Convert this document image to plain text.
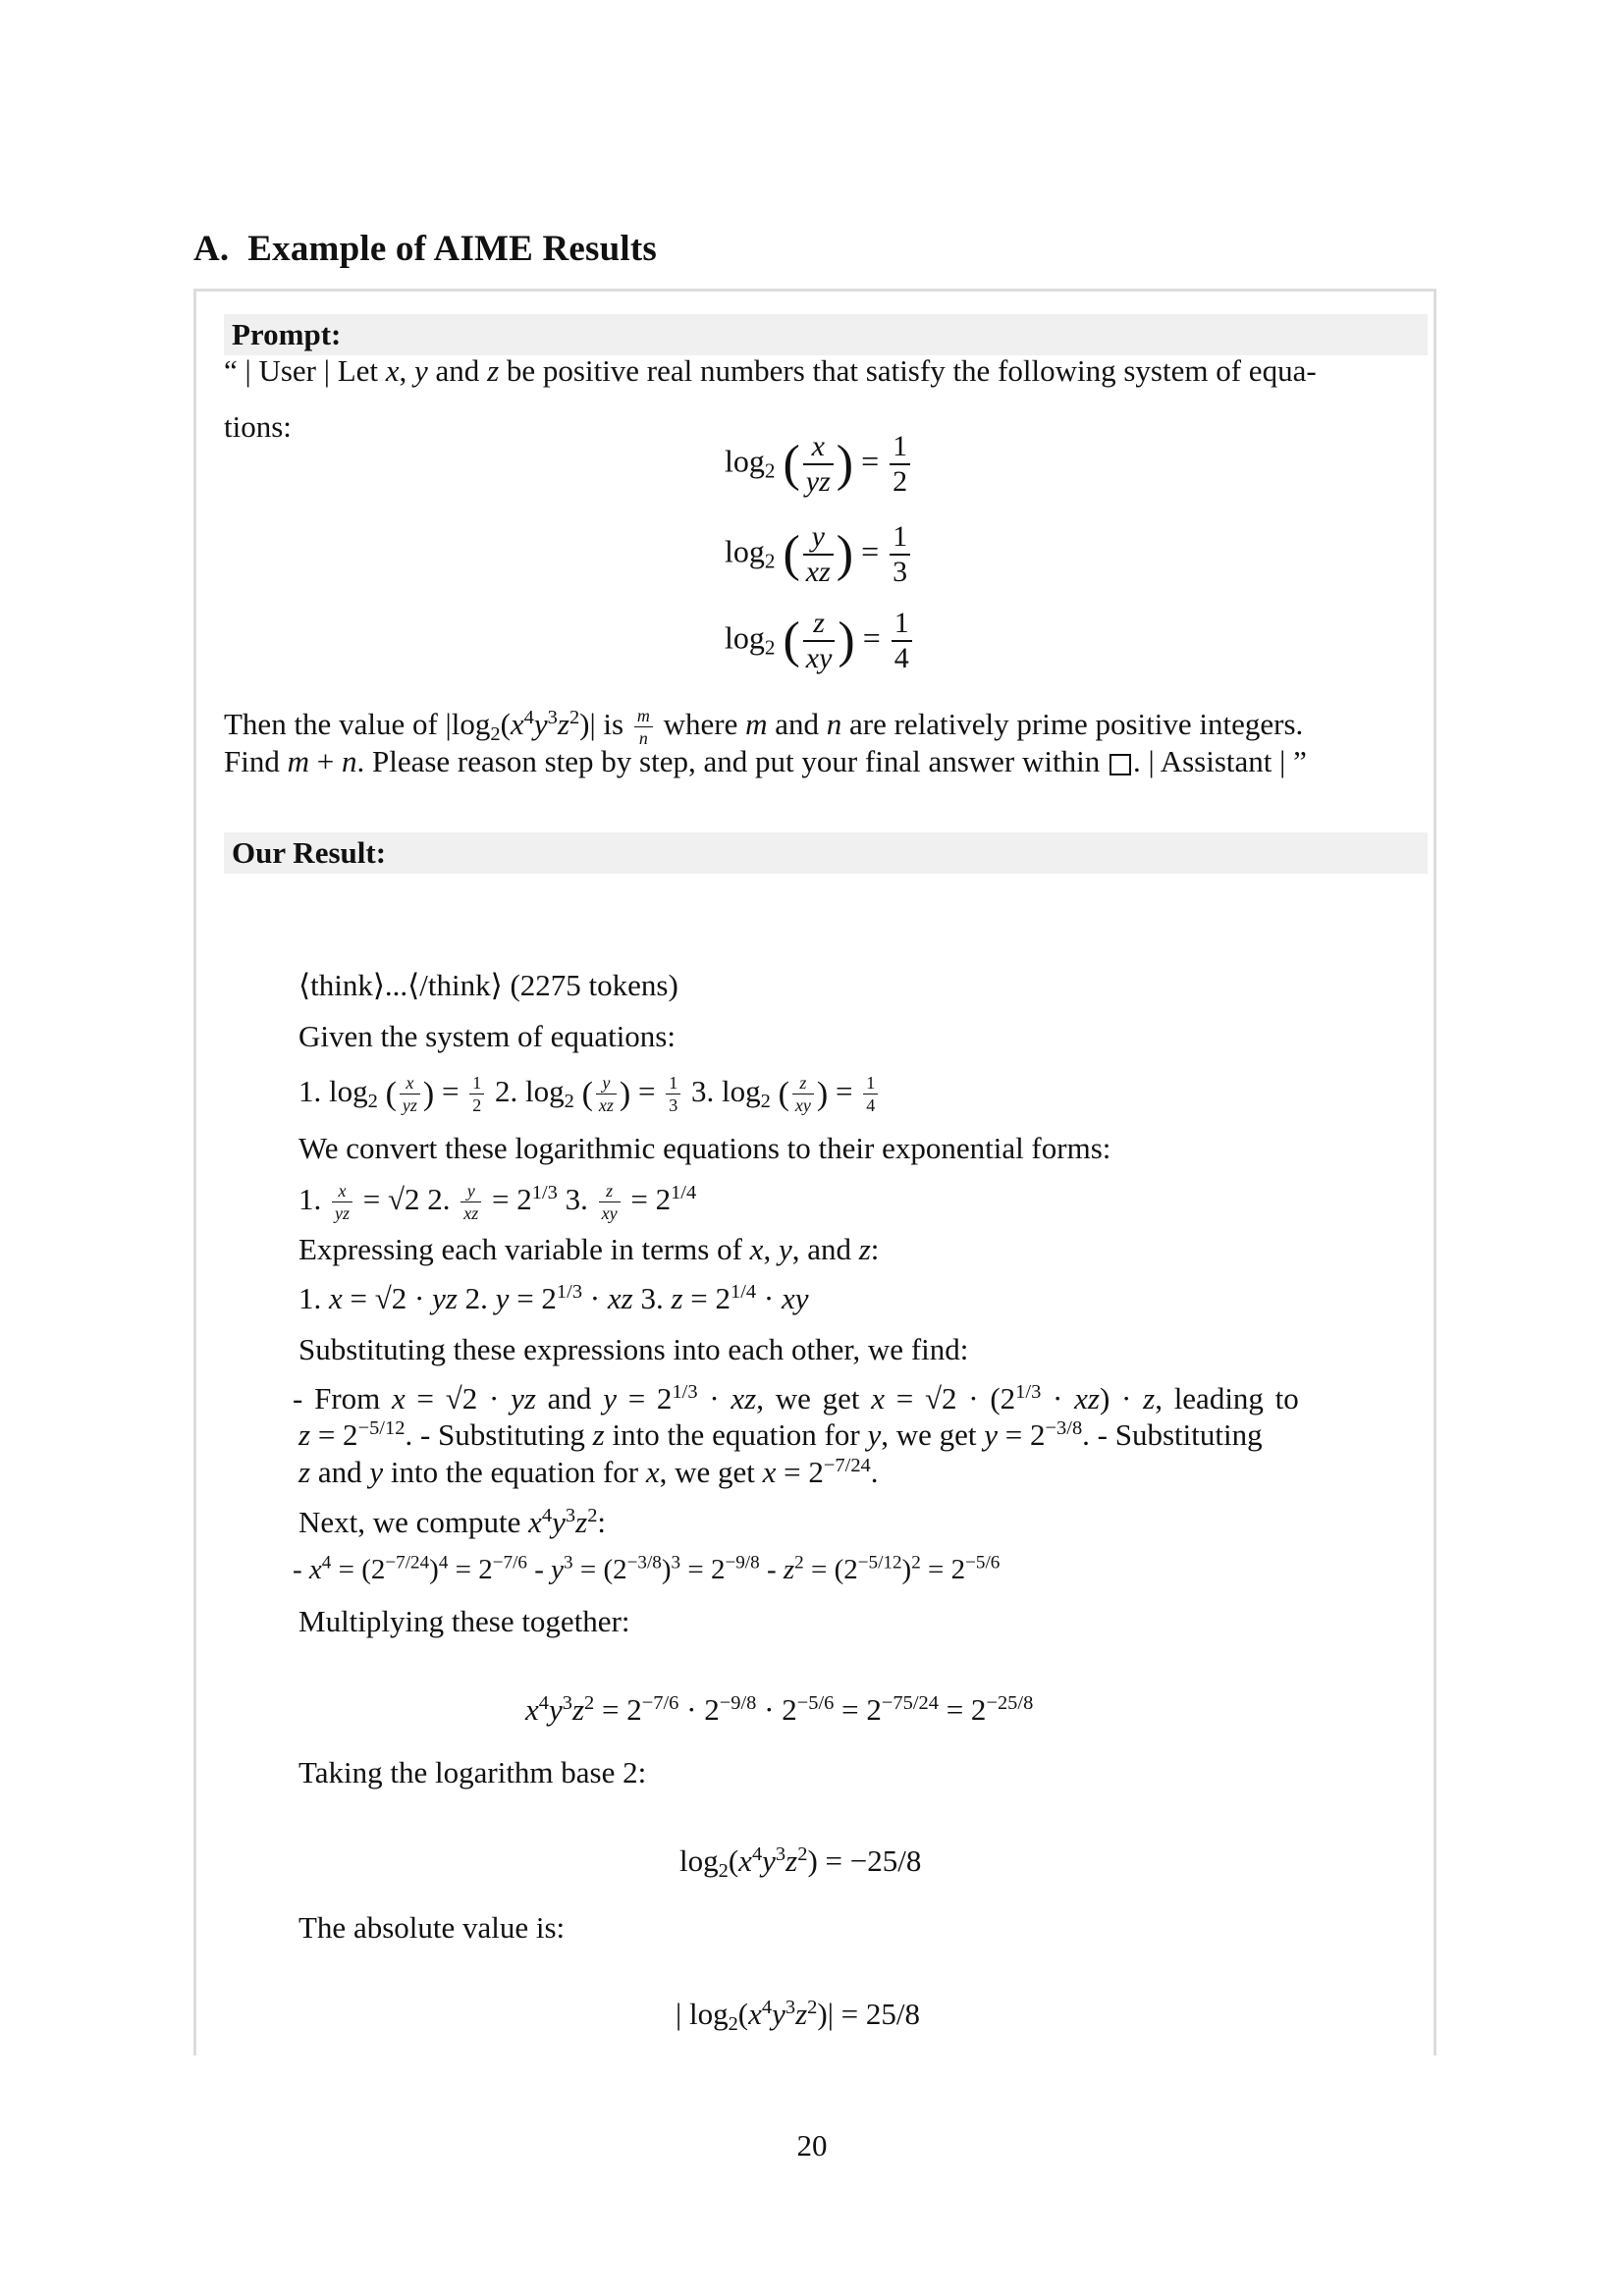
A. Example of AIME Results
Prompt:
“ | User | Let x, y and z be positive real numbers that satisfy the following system of equa-
tions:
$\log_2$ ( $\frac{x}{yz}$ ) = $\frac{1}{2}$
$\log_2$ ( $\frac{y}{xz}$ ) = $\frac{1}{3}$
$\log_2$ ( $\frac{z}{xy}$ ) = $\frac{1}{4}$
Then the value of $|\log_2(x^4y^3z^2)|$ is $\frac{m}{n}$ where m and n are relatively prime positive integers.
Find m + n. Please reason step by step, and put your final answer within . | Assistant | ”
Our Result:
⟨think⟩...⟨/think⟩ (2275 tokens)
Given the system of equations:
1. $\log_2$ ( $\frac{x}{yz}$ ) = $\frac{1}{2} 2$. $\log_2$ ( $\frac{y}{xz}$ ) = $\frac{1}{3} 3$. $\log_2$ ( $\frac{z}{xy}$ ) = $\frac{1}{4}$
We convert these logarithmic equations to their exponential forms:
1. $\frac{x}{yz} = √2$ 2. $\frac{y}{xz} = 2^{1/3}$ 3. $\frac{z}{xy} = 2^{1/4}$
Expressing each variable in terms of x, y, and z:
1. x = √2 · yz 2. $y = 2^{1/3}$ · xz 3. $z = 2^{1/4}$ · xy
Substituting these expressions into each other, we find:
- From x = √2 · yz and $y = 2^{1/3}$ · xz, we get $x = √2 \cdot (2^{1/3} \cdot xz) \cdot z$, leading to
$z = 2^{-5/12}$. - Substituting z into the equation for y, we get $y = 2^{-3/8}$. - Substituting
z and y into the equation for x, we get $x = 2^{-7/24}$.
Next, we compute $x^4y^3z^2$:
- $x^4 = (2^{-7/24})^4 = 2^{-7/6} - y^3 = (2^{-3/8})^3 = 2^{-9/8} - z^2 = (2^{-5/12})^2 = 2^{-5/6}$
Multiplying these together:
$x^4y^3z^2 = 2^{-7/6} \cdot 2^{-9/8} \cdot 2^{-5/6} = 2^{-75/24} = 2^{-25/8}$
Taking the logarithm base 2:
$\log_2(x^4y^3z^2) = -25/8$
The absolute value is:
| $\log_2(x^4y^3z^2)| = 25/8$
20
